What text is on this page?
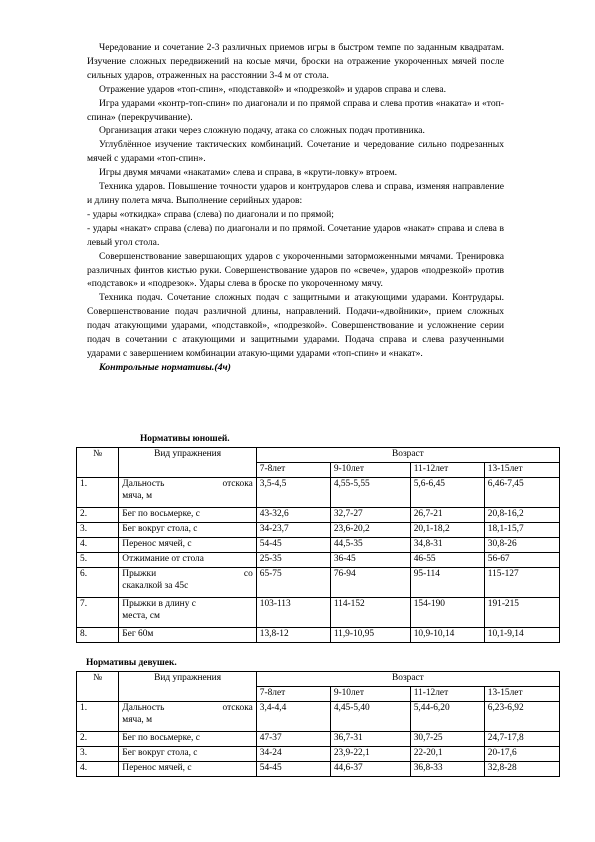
Чередование и сочетание 2-3 различных приемов игры в быстром темпе по заданным квадратам. Изучение сложных передвижений на косые мячи, броски на отражение укороченных мячей после сильных ударов, отраженных на расстоянии 3-4 м от стола.

Отражение ударов «топ-спин», «подставкой» и «подрезкой» и ударов справа и слева.

Игра ударами «контр-топ-спин» по диагонали и по прямой справа и слева против «наката» и «топ-спина» (перекручивание).

Организация атаки через сложную подачу, атака со сложных подач противника.

Углублённое изучение тактических комбинаций. Сочетание и чередование сильно подрезанных мячей с ударами «топ-спин».

Игры двумя мячами «накатами» слева и справа, в «крути-ловку» втроем.

Техника ударов. Повышение точности ударов и контрударов слева и справа, изменяя направление и длину полета мяча. Выполнение серийных ударов:

- удары «откидка» справа (слева) по диагонали и по прямой;

- удары «накат» справа (слева) по диагонали и по прямой. Сочетание ударов «накат» справа и слева в левый угол стола.

Совершенствование завершающих ударов с укороченными заторможенными мячами. Тренировка различных финтов кистью руки. Совершенствование ударов по «свече», ударов «подрезкой» против «подставок» и «подрезок». Удары слева в броске по укороченному мячу.

Техника подач. Сочетание сложных подач с защитными и атакующими ударами. Контрудары. Совершенствование подач различной длины, направлений. Подачи-«двойники», прием сложных подач атакующими ударами, «подставкой», «подрезкой». Совершенствование и усложнение серии подач в сочетании с атакующими и защитными ударами. Подача справа и слева разученными ударами с завершением комбинации атакую-щими ударами «топ-спин» и «накат».

Контрольные нормативы.(4ч)

Нормативы юношей.
№	Вид упражнения	Возраст			
		7-8лет	9-10лет	11-12лет	13-15лет
1.	Дальность отскока
мяча, м	3,5-4,5	4,55-5,55	5,6-6,45	6,46-7,45
2.	Бег по восьмерке, с	43-32,6	32,7-27	26,7-21	20,8-16,2
3.	Бег вокруг стола, с	34-23,7	23,6-20,2	20,1-18,2	18,1-15,7
4.	Перенос мячей, с	54-45	44,5-35	34,8-31	30,8-26
5.	Отжимание от стола	25-35	36-45	46-55	56-67
6.	Прыжки со
скакалкой за 45с	65-75	76-94	95-114	115-127
7.	Прыжки в длину с
места, см	103-113	114-152	154-190	191-215
8.	Бег 60м	13,8-12	11,9-10,95	10,9-10,14	10,1-9,14
Нормативы девушек.
№	Вид упражнения	Возраст			
		7-8лет	9-10лет	11-12лет	13-15лет
1.	Дальность отскока
мяча, м	3,4-4,4	4,45-5,40	5,44-6,20	6,23-6,92
2.	Бег по восьмерке, с	47-37	36,7-31	30,7-25	24,7-17,8
3.	Бег вокруг стола, с	34-24	23,9-22,1	22-20,1	20-17,6
4.	Перенос мячей, с	54-45	44,6-37	36,8-33	32,8-28
